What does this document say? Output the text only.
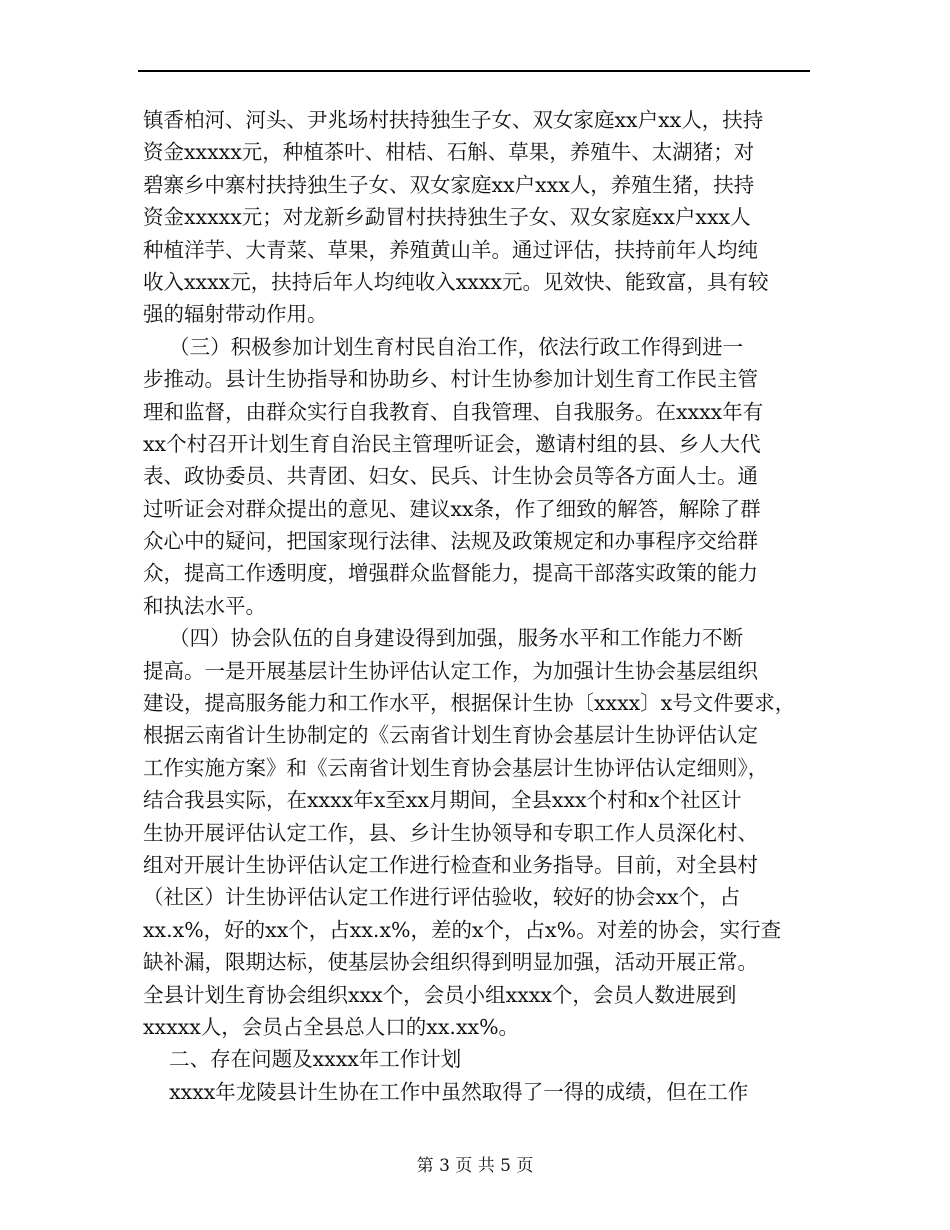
镇香柏河、河头、尹兆场村扶持独生子女、双女家庭xx户xx人，扶持
资金xxxxx元，种植茶叶、柑桔、石斛、草果，养殖牛、太湖猪；对
碧寨乡中寨村扶持独生子女、双女家庭xx户xxx人，养殖生猪，扶持
资金xxxxx元；对龙新乡勐冒村扶持独生子女、双女家庭xx户xxx人
种植洋芋、大青菜、草果，养殖黄山羊。通过评估，扶持前年人均纯
收入xxxx元，扶持后年人均纯收入xxxx元。见效快、能致富，具有较
强的辐射带动作用。
（三）积极参加计划生育村民自治工作，依法行政工作得到进一
步推动。县计生协指导和协助乡、村计生协参加计划生育工作民主管
理和监督，由群众实行自我教育、自我管理、自我服务。在xxxx年有
xx个村召开计划生育自治民主管理听证会，邀请村组的县、乡人大代
表、政协委员、共青团、妇女、民兵、计生协会员等各方面人士。通
过听证会对群众提出的意见、建议xx条，作了细致的解答，解除了群
众心中的疑问，把国家现行法律、法规及政策规定和办事程序交给群
众，提高工作透明度，增强群众监督能力，提高干部落实政策的能力
和执法水平。
（四）协会队伍的自身建设得到加强，服务水平和工作能力不断
提高。一是开展基层计生协评估认定工作，为加强计生协会基层组织
建设，提高服务能力和工作水平，根据保计生协〔xxxx〕x号文件要求，
根据云南省计生协制定的《云南省计划生育协会基层计生协评估认定
工作实施方案》和《云南省计划生育协会基层计生协评估认定细则》，
结合我县实际，在xxxx年x至xx月期间，全县xxx个村和x个社区计
生协开展评估认定工作，县、乡计生协领导和专职工作人员深化村、
组对开展计生协评估认定工作进行检查和业务指导。目前，对全县村
（社区）计生协评估认定工作进行评估验收，较好的协会xx个，占
xx.x%，好的xx个，占xx.x%，差的x个，占x%。对差的协会，实行查
缺补漏，限期达标，使基层协会组织得到明显加强，活动开展正常。
全县计划生育协会组织xxx个，会员小组xxxx个，会员人数进展到
xxxxx人，会员占全县总人口的xx.xx%。
二、存在问题及xxxx年工作计划
xxxx年龙陵县计生协在工作中虽然取得了一得的成绩，但在工作
第 3 页 共 5 页
